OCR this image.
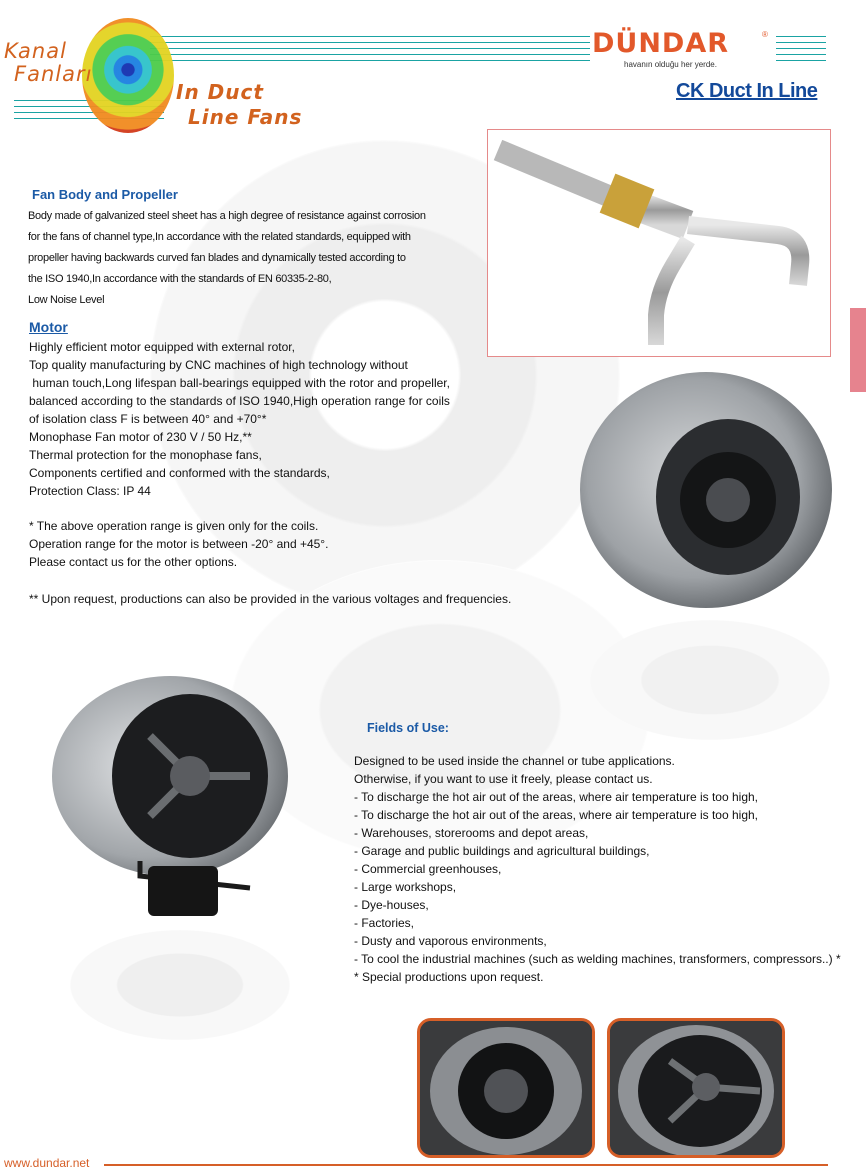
Kanal
Fanları
In Duct
Line Fans
DÜNDAR	®
havanın olduğu her yerde.
CK Duct In Line
Fan Body and Propeller
Body made of galvanized steel sheet has a high degree of resistance against corrosion
for the fans of channel type,In accordance with the related standards, equipped with
propeller having backwards curved fan blades and dynamically tested according to
the ISO 1940,In accordance with the standards of EN 60335-2-80,
Low Noise Level
Motor
Highly efficient motor equipped with external rotor,
Top quality manufacturing by CNC machines of high technology without
human touch,Long lifespan ball-bearings equipped with the rotor and propeller,
balanced according to the standards of ISO 1940,High operation range for coils
of isolation class F is between 40° and +70°*
Monophase Fan motor of 230 V / 50 Hz,**
Thermal protection for the monophase fans,
Components certified and conformed with the standards,
Protection Class: IP 44
* The above operation range is given only for the coils.
Operation range for the motor is between -20° and +45°.
Please contact us for the other options.
** Upon request, productions can also be provided in the various voltages and frequencies.
Fields of Use:
Designed to be used inside the channel or tube applications.
Otherwise, if you want to use it freely, please contact us.
- To discharge the hot air out of the areas, where air temperature is too high,
- To discharge the hot air out of the areas, where air temperature is too high,
- Warehouses, storerooms and depot areas,
- Garage and public buildings and agricultural buildings,
- Commercial greenhouses,
- Large workshops,
- Dye-houses,
- Factories,
- Dusty and vaporous environments,
- To cool the industrial machines (such as welding machines, transformers, compressors..) *
* Special productions upon request.
www.dundar.net
